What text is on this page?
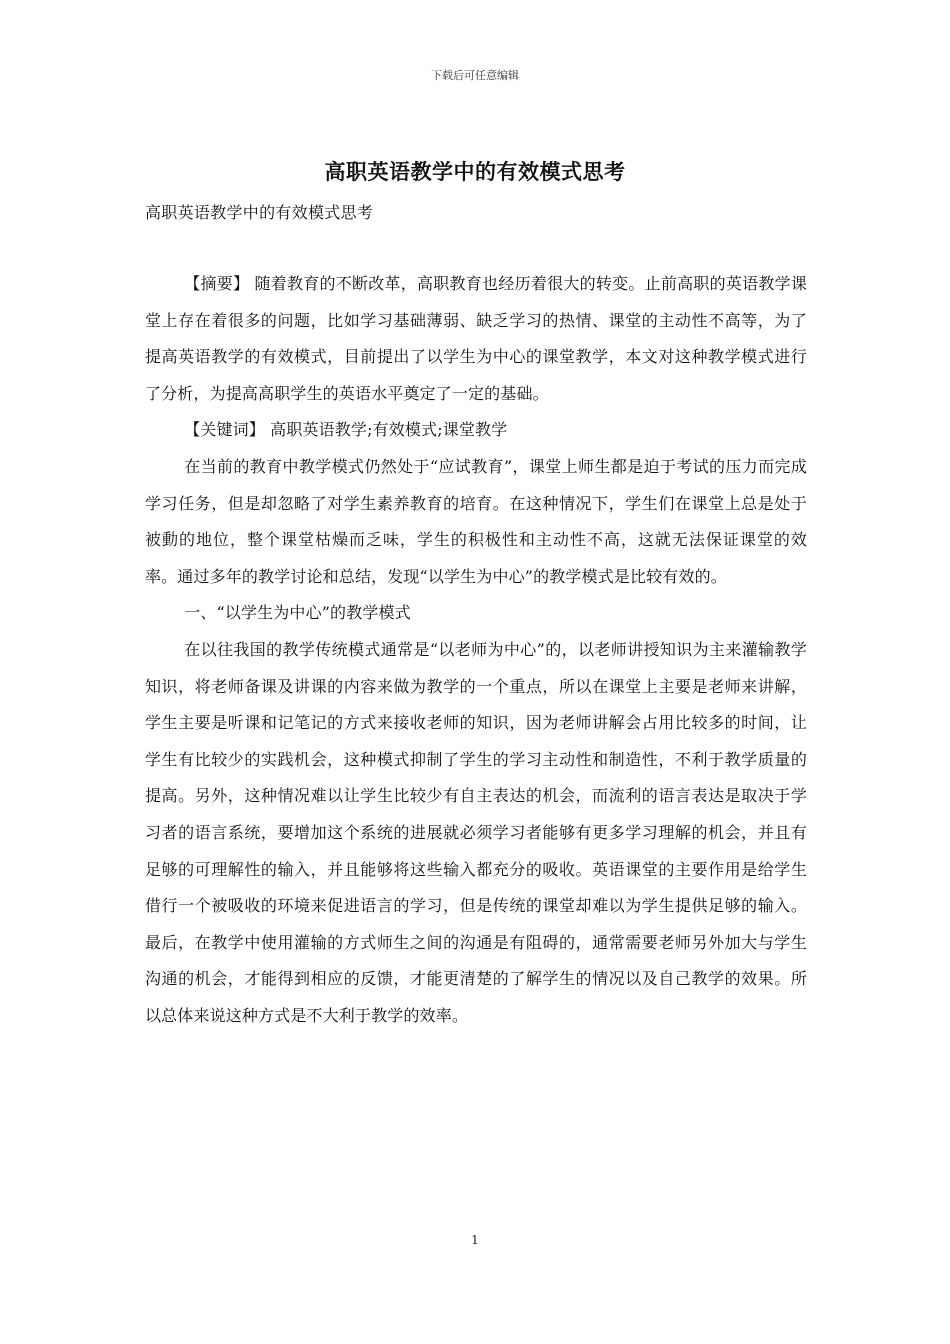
下载后可任意编辑
高职英语教学中的有效模式思考
高职英语教学中的有效模式思考

【摘要】 随着教育的不断改革，高职教育也经历着很大的转变。止前高职的英语教学课堂上存在着很多的问题，比如学习基础薄弱、缺乏学习的热情、课堂的主动性不高等，为了提高英语教学的有效模式，目前提出了以学生为中心的课堂教学，本文对这种教学模式进行了分析，为提高高职学生的英语水平奠定了一定的基础。

【关键词】 高职英语教学;有效模式;课堂教学

在当前的教育中教学模式仍然处于“应试教育”，课堂上师生都是迫于考试的压力而完成学习任务，但是却忽略了对学生素养教育的培育。在这种情况下，学生们在课堂上总是处于被動的地位，整个课堂枯燥而乏味，学生的积极性和主动性不高，这就无法保证课堂的效率。通过多年的教学讨论和总结，发现“以学生为中心”的教学模式是比较有效的。

一、“以学生为中心”的教学模式

在以往我国的教学传统模式通常是“以老师为中心”的，以老师讲授知识为主来灌输教学知识，将老师备课及讲课的内容来做为教学的一个重点，所以在课堂上主要是老师来讲解，学生主要是听课和记笔记的方式来接收老师的知识，因为老师讲解会占用比较多的时间，让学生有比较少的实践机会，这种模式抑制了学生的学习主动性和制造性，不利于教学质量的提高。另外，这种情况难以让学生比较少有自主表达的机会，而流利的语言表达是取决于学习者的语言系统，要增加这个系统的进展就必须学习者能够有更多学习理解的机会，并且有足够的可理解性的输入，并且能够将这些输入都充分的吸收。英语课堂的主要作用是给学生借行一个被吸收的环境来促进语言的学习，但是传统的课堂却难以为学生提供足够的输入。最后，在教学中使用灌输的方式师生之间的沟通是有阻碍的，通常需要老师另外加大与学生沟通的机会，才能得到相应的反馈，才能更清楚的了解学生的情况以及自己教学的效果。所以总体来说这种方式是不大利于教学的效率。

1
